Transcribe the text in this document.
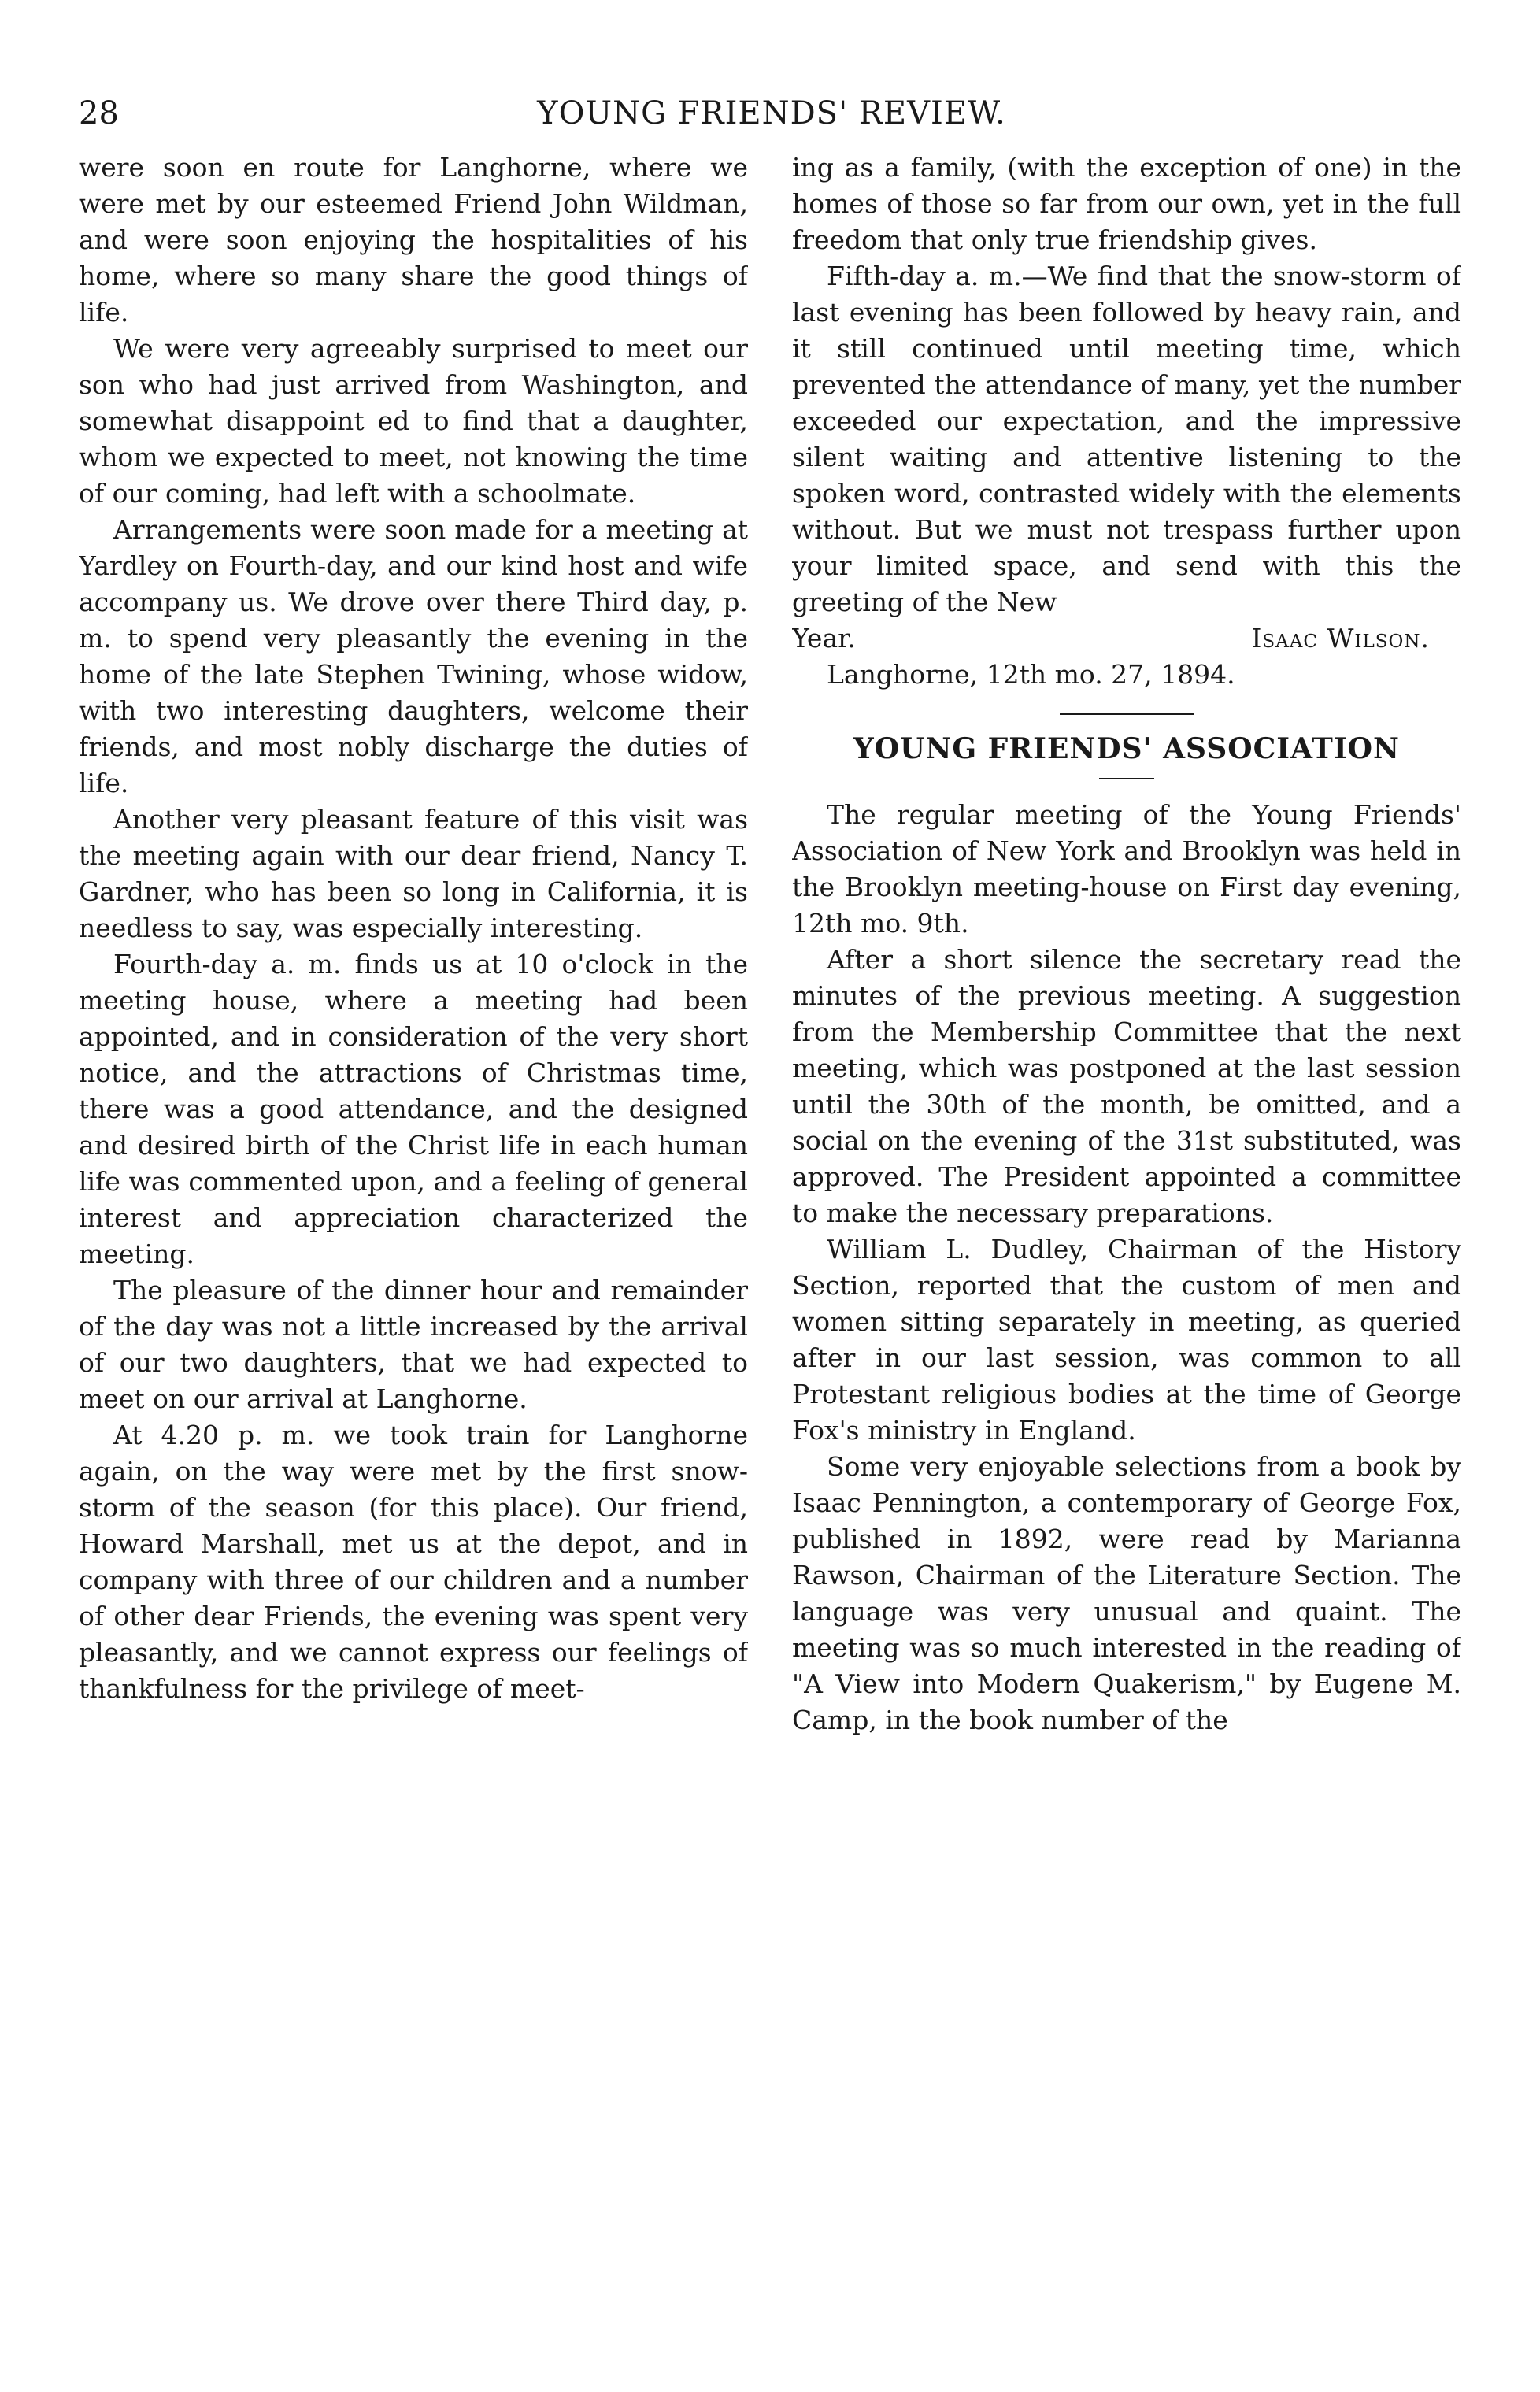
28	YOUNG FRIENDS' REVIEW.

were soon en route for Langhorne, where we were met by our esteemed Friend John Wildman, and were soon enjoying the hospitalities of his home, where so many share the good things of life.

We were very agreeably surprised to meet our son who had just arrived from Washington, and somewhat disappoint ed to find that a daughter, whom we expected to meet, not knowing the time of our coming, had left with a schoolmate.

Arrangements were soon made for a meeting at Yardley on Fourth-day, and our kind host and wife accompany us. We drove over there Third day, p. m. to spend very pleasantly the evening in the home of the late Stephen Twining, whose widow, with two interesting daughters, welcome their friends, and most nobly discharge the duties of life.

Another very pleasant feature of this visit was the meeting again with our dear friend, Nancy T. Gardner, who has been so long in California, it is needless to say, was especially interesting.

Fourth-day a. m. finds us at 10 o'clock in the meeting house, where a meeting had been appointed, and in consideration of the very short notice, and the attractions of Christmas time, there was a good attendance, and the designed and desired birth of the Christ life in each human life was commented upon, and a feeling of general interest and appreciation characterized the meeting.

The pleasure of the dinner hour and remainder of the day was not a little increased by the arrival of our two daughters, that we had expected to meet on our arrival at Langhorne.

At 4.20 p. m. we took train for Langhorne again, on the way were met by the first snow-storm of the season (for this place). Our friend, Howard Marshall, met us at the depot, and in company with three of our children and a number of other dear Friends, the evening was spent very pleasantly, and we cannot express our feelings of thankfulness for the privilege of meet-

ing as a family, (with the exception of one) in the homes of those so far from our own, yet in the full freedom that only true friendship gives.

Fifth-day a. m.—We find that the snow-storm of last evening has been followed by heavy rain, and it still continued until meeting time, which prevented the attendance of many, yet the number exceeded our expectation, and the impressive silent waiting and attentive listening to the spoken word, contrasted widely with the elements without. But we must not trespass further upon your limited space, and send with this the greeting of the New

Year.	Isaac Wilson.

Langhorne, 12th mo. 27, 1894.

YOUNG FRIENDS' ASSOCIATION

The regular meeting of the Young Friends' Association of New York and Brooklyn was held in the Brooklyn meeting-house on First day evening, 12th mo. 9th.

After a short silence the secretary read the minutes of the previous meeting. A suggestion from the Membership Committee that the next meeting, which was postponed at the last session until the 30th of the month, be omitted, and a social on the evening of the 31st substituted, was approved. The President appointed a committee to make the necessary preparations.

William L. Dudley, Chairman of the History Section, reported that the custom of men and women sitting separately in meeting, as queried after in our last session, was common to all Protestant religious bodies at the time of George Fox's ministry in England.

Some very enjoyable selections from a book by Isaac Pennington, a contemporary of George Fox, published in 1892, were read by Marianna Rawson, Chairman of the Literature Section. The language was very unusual and quaint. The meeting was so much interested in the reading of "A View into Modern Quakerism," by Eugene M. Camp, in the book number of the
